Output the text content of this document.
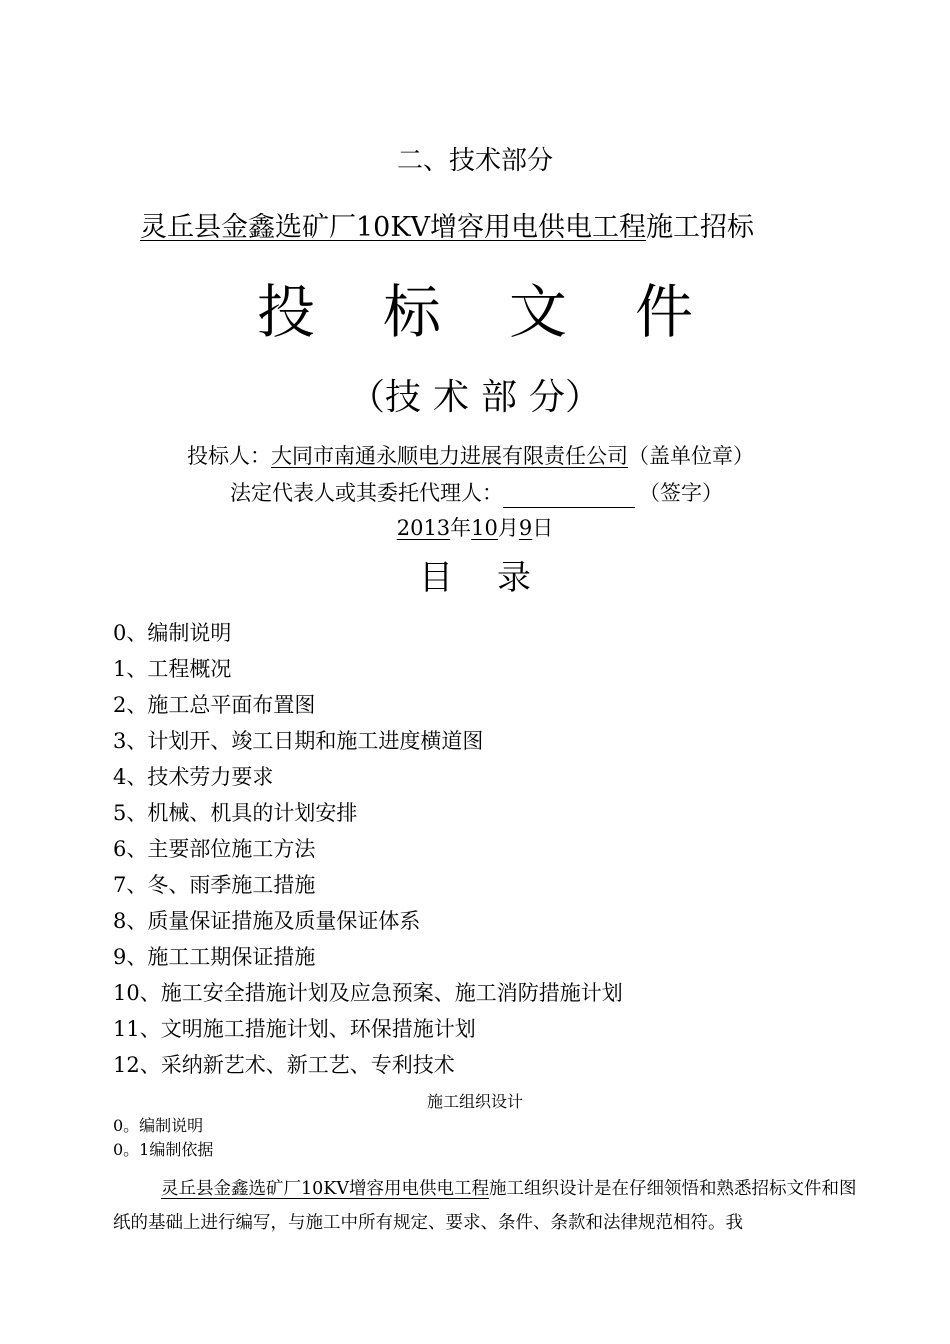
二、技术部分
灵丘县金鑫选矿厂10KV增容用电供电工程施工招标
投 标 文 件
（技 术 部 分）
投标人：大同市南通永顺电力进展有限责任公司（盖单位章）
法定代表人或其委托代理人：	（签字）
2013年10月9日
目 录
0、编制说明
1、工程概况
2、施工总平面布置图
3、计划开、竣工日期和施工进度横道图
4、技术劳力要求
5、机械、机具的计划安排
6、主要部位施工方法
7、冬、雨季施工措施
8、质量保证措施及质量保证体系
9、施工工期保证措施
10、施工安全措施计划及应急预案、施工消防措施计划
11、文明施工措施计划、环保措施计划
12、采纳新艺术、新工艺、专利技术
施工组织设计
0。编制说明
0。1编制依据
灵丘县金鑫选矿厂10KV增容用电供电工程施工组织设计是在仔细领悟和熟悉招标文件和图纸的基础上进行编写，与施工中所有规定、要求、条件、条款和法律规范相符。我
